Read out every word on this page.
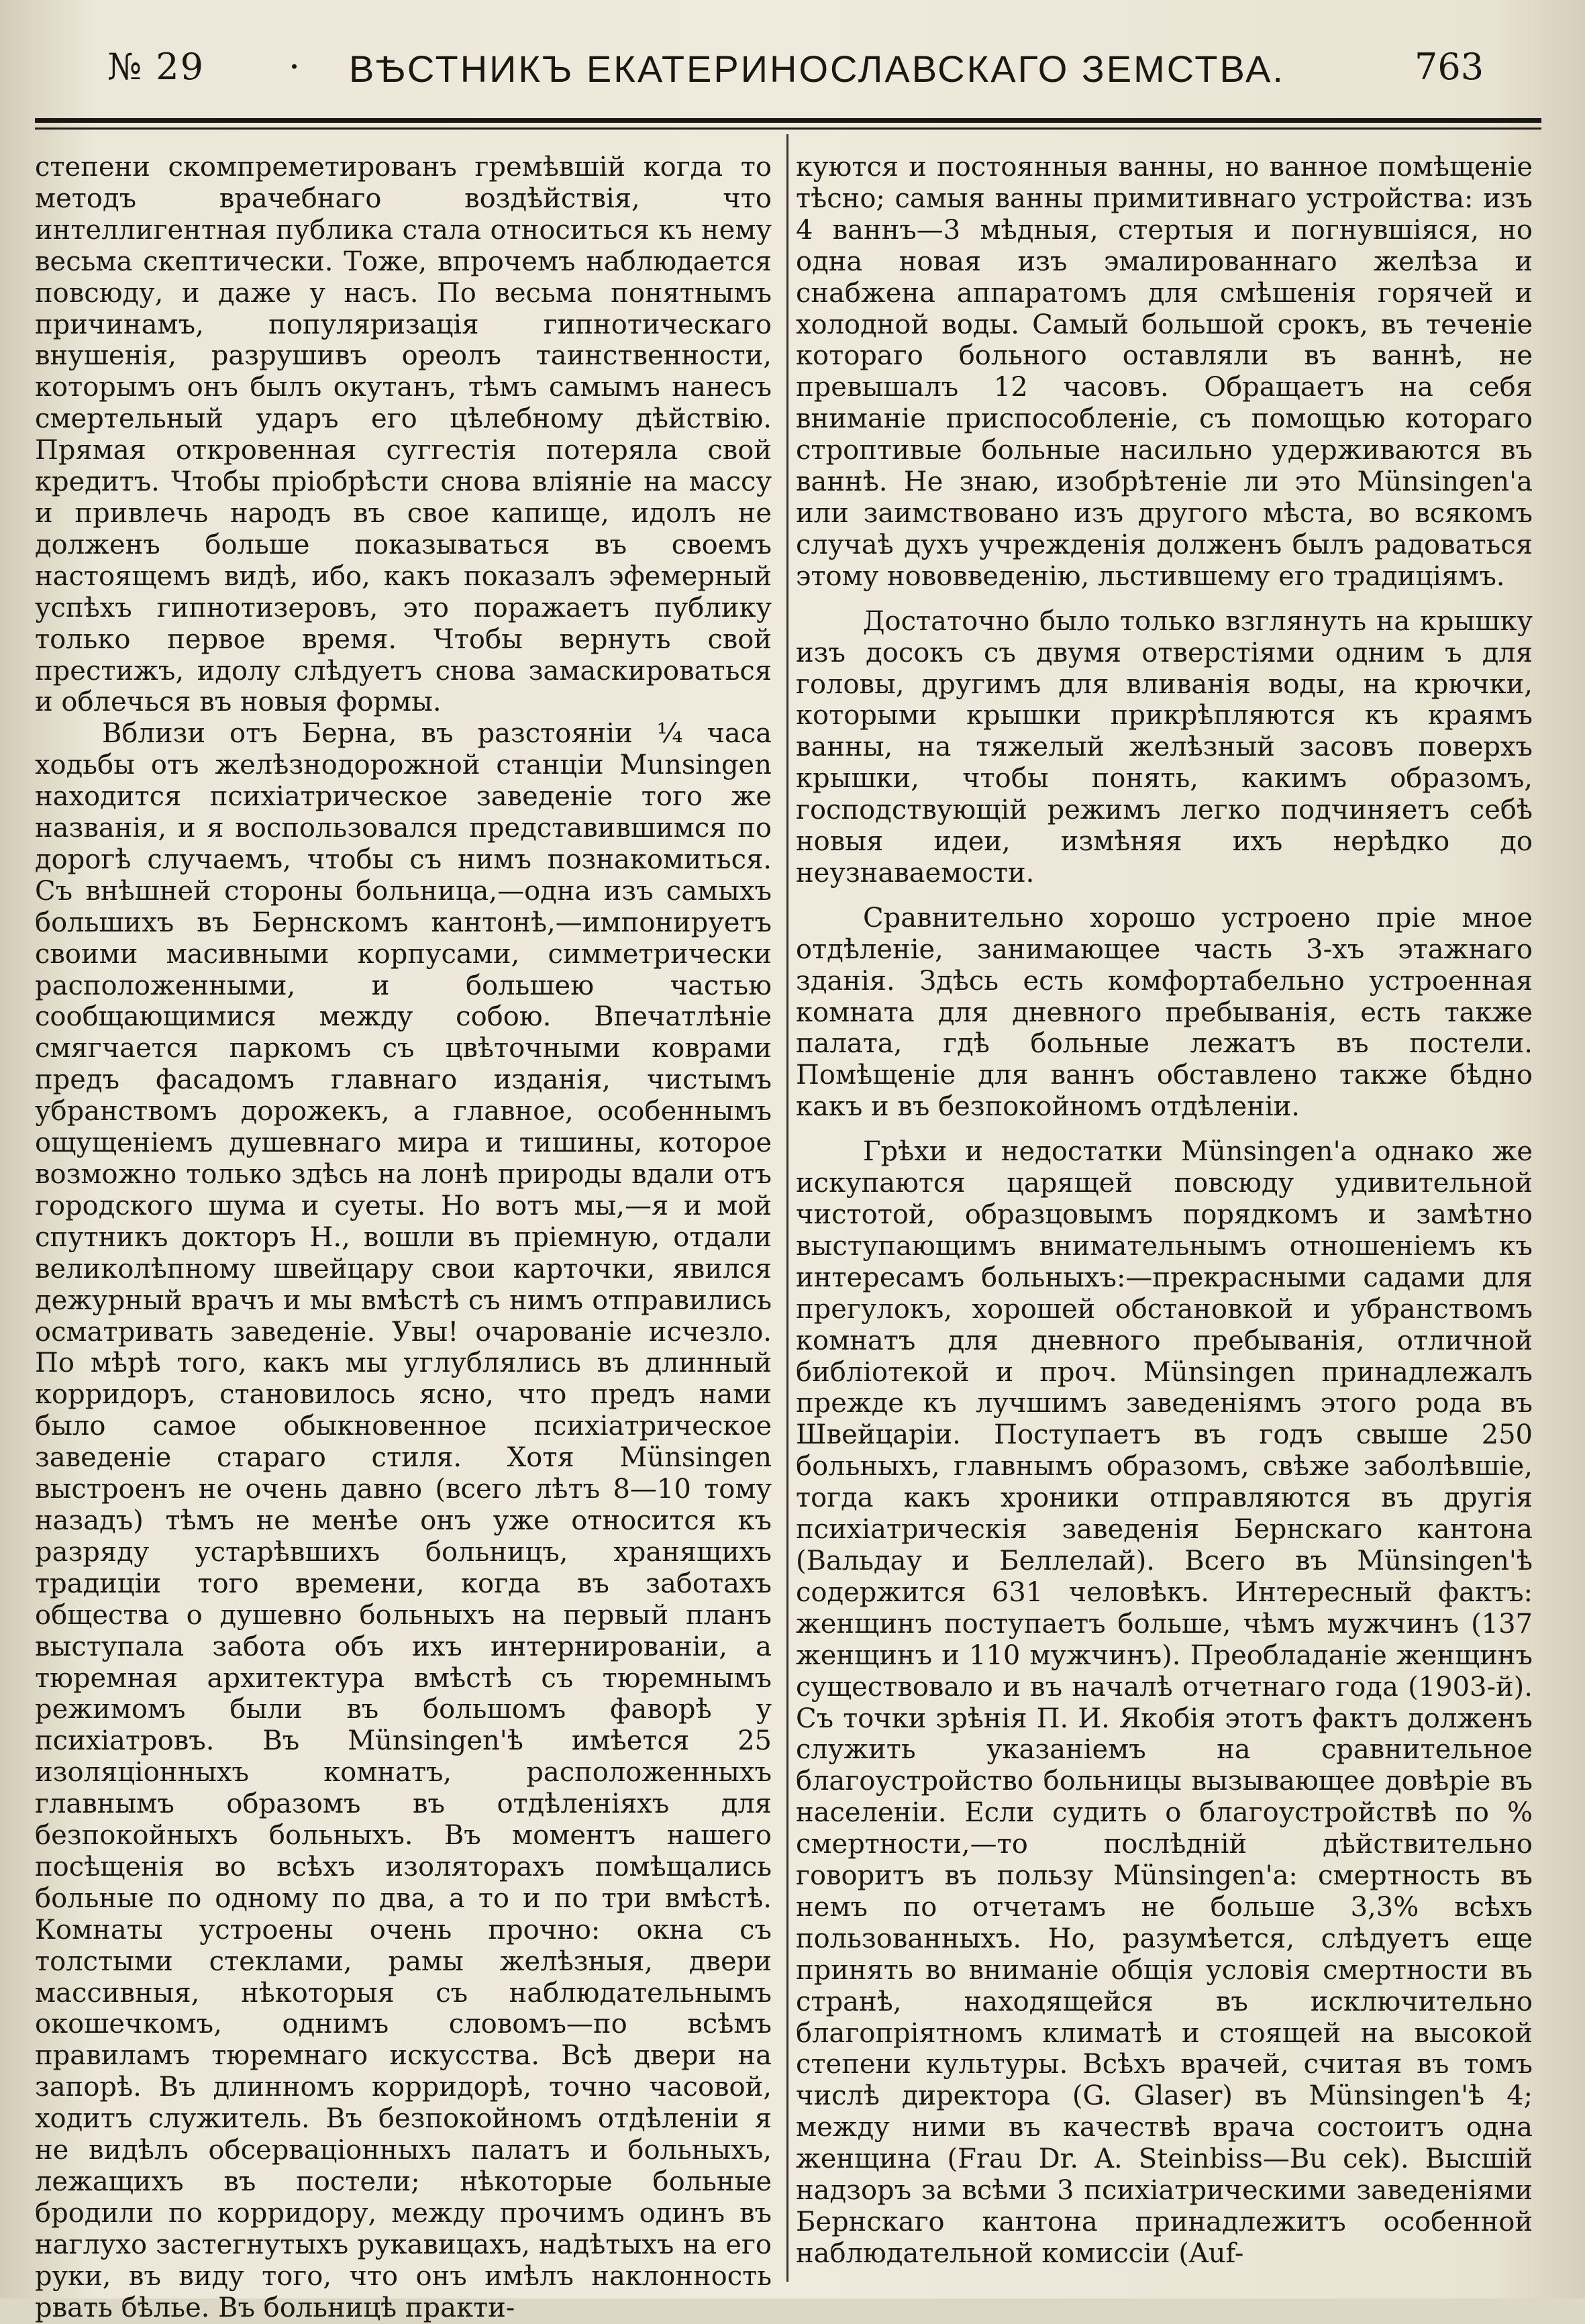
№ 29 · ВѢСТНИКЪ ЕКАТЕРИНОСЛАВСКАГО ЗЕМСТВА.	763

степени скомпреметированъ гремѣвшій когда то методъ врачебнаго воздѣйствія, что интеллигентная публика стала относиться къ нему весьма скептически. Тоже, впрочемъ наблюдается повсюду, и даже у насъ. По весьма понятнымъ причинамъ, популяризація гипнотическаго внушенія, разрушивъ ореолъ таинственности, которымъ онъ былъ окутанъ, тѣмъ самымъ нанесъ смертельный ударъ его цѣлебному дѣйствію. Прямая откровенная суггестія потеряла свой кредитъ. Чтобы пріобрѣсти снова вліяніе на массу и привлечь народъ въ свое капище, идолъ не долженъ больше показываться въ своемъ настоящемъ видѣ, ибо, какъ показалъ эфемерный успѣхъ гипнотизеровъ, это поражаетъ публику только первое время. Чтобы вернуть свой престижъ, идолу слѣдуетъ снова замаскироваться и облечься въ новыя формы.

Вблизи отъ Берна, въ разстояніи ¼ часа ходьбы отъ желѣзнодорожной станціи Munsingen находится психіатрическое заведеніе того же названія, и я воспользовался представившимся по дорогѣ случаемъ, чтобы съ нимъ познакомиться. Съ внѣшней стороны больница,—одна изъ самыхъ большихъ въ Бернскомъ кантонѣ,—импонируетъ своими масивными корпусами, симметрически расположенными, и большею частью сообщающимися между собою. Впечатлѣніе смягчается паркомъ съ цвѣточными коврами предъ фасадомъ главнаго изданія, чистымъ убранствомъ дорожекъ, а главное, особеннымъ ощущеніемъ душевнаго мира и тишины, которое возможно только здѣсь на лонѣ природы вдали отъ городского шума и суеты. Но вотъ мы,—я и мой спутникъ докторъ Н., вошли въ пріемную, отдали великолѣпному швейцару свои карточки, явился дежурный врачъ и мы вмѣстѣ съ нимъ отправились осматривать заведеніе. Увы! очарованіе исчезло. По мѣрѣ того, какъ мы углублялись въ длинный корридоръ, становилось ясно, что предъ нами было самое обыкновенное психіатрическое заведеніе стараго стиля. Хотя Münsingen выстроенъ не очень давно (всего лѣтъ 8—10 тому назадъ) тѣмъ не менѣе онъ уже относится къ разряду устарѣвшихъ больницъ, хранящихъ традиціи того времени, когда въ заботахъ общества о душевно больныхъ на первый планъ выступала забота объ ихъ интернированіи, а тюремная архитектура вмѣстѣ съ тюремнымъ режимомъ были въ большомъ фаворѣ у психіатровъ. Въ Münsingen'ѣ имѣется 25 изоляціонныхъ комнатъ, расположенныхъ главнымъ образомъ въ отдѣленіяхъ для безпокойныхъ больныхъ. Въ моментъ нашего посѣщенія во всѣхъ изоляторахъ помѣщались больные по одному по два, а то и по три вмѣстѣ. Комнаты устроены очень прочно: окна съ толстыми стеклами, рамы желѣзныя, двери массивныя, нѣкоторыя съ наблюдательнымъ окошечкомъ, однимъ словомъ—по всѣмъ правиламъ тюремнаго искусства. Всѣ двери на запорѣ. Въ длинномъ корридорѣ, точно часовой, ходитъ служитель. Въ безпокойномъ отдѣленіи я не видѣлъ обсерваціонныхъ палатъ и больныхъ, лежащихъ въ постели; нѣкоторые больные бродили по корридору, между прочимъ одинъ въ наглухо застегнутыхъ рукавицахъ, надѣтыхъ на его руки, въ виду того, что онъ имѣлъ наклонность рвать бѣлье. Въ больницѣ практи-

куются и постоянныя ванны, но ванное помѣщеніе тѣсно; самыя ванны примитивнаго устройства: изъ 4 ваннъ—3 мѣдныя, стертыя и погнувшіяся, но одна новая изъ эмалированнаго желѣза и снабжена аппаратомъ для смѣшенія горячей и холодной воды. Самый большой срокъ, въ теченіе котораго больного оставляли въ ваннѣ, не превышалъ 12 часовъ. Обращаетъ на себя вниманіе приспособленіе, съ помощью котораго строптивые больные насильно удерживаются въ ваннѣ. Не знаю, изобрѣтеніе ли это Münsingen'a или заимствовано изъ другого мѣста, во всякомъ случаѣ духъ учрежденія долженъ былъ радоваться этому нововведенію, льстившему его традиціямъ.

Достаточно было только взглянуть на крышку изъ досокъ съ двумя отверстіями одним ъ для головы, другимъ для вливанія воды, на крючки, которыми крышки прикрѣпляются къ краямъ ванны, на тяжелый желѣзный засовъ поверхъ крышки, чтобы понять, какимъ образомъ, господствующій режимъ легко подчиняетъ себѣ новыя идеи, измѣняя ихъ нерѣдко до неузнаваемости.

Сравнительно хорошо устроено пріе мное отдѣленіе, занимающее часть 3-хъ этажнаго зданія. Здѣсь есть комфортабельно устроенная комната для дневного пребыванія, есть также палата, гдѣ больные лежатъ въ постели. Помѣщеніе для ваннъ обставлено также бѣдно какъ и въ безпокойномъ отдѣленіи.

Грѣхи и недостатки Münsingen'a однако же искупаются царящей повсюду удивительной чистотой, образцовымъ порядкомъ и замѣтно выступающимъ внимательнымъ отношеніемъ къ интересамъ больныхъ:—прекрасными садами для прегулокъ, хорошей обстановкой и убранствомъ комнатъ для дневного пребыванія, отличной библіотекой и проч. Münsingen принадлежалъ прежде къ лучшимъ заведеніямъ этого рода въ Швейцаріи. Поступаетъ въ годъ свыше 250 больныхъ, главнымъ образомъ, свѣже заболѣвшіе, тогда какъ хроники отправляются въ другія психіатрическія заведенія Бернскаго кантона (Вальдау и Беллелай). Всего въ Münsingen'ѣ содержится 631 человѣкъ. Интересный фактъ: женщинъ поступаетъ больше, чѣмъ мужчинъ (137 женщинъ и 110 мужчинъ). Преобладаніе женщинъ существовало и въ началѣ отчетнаго года (1903-й). Съ точки зрѣнія П. И. Якобія этотъ фактъ долженъ служить указаніемъ на сравнительное благоустройство больницы вызывающее довѣріе въ населеніи. Если судить о благоустройствѣ по % смертности,—то послѣдній дѣйствительно говоритъ въ пользу Münsingen'a: смертность въ немъ по отчетамъ не больше 3,3% всѣхъ пользованныхъ. Но, разумѣется, слѣдуетъ еще принять во вниманіе общія условія смертности въ странѣ, находящейся въ исключительно благопріятномъ климатѣ и стоящей на высокой степени культуры. Всѣхъ врачей, считая въ томъ числѣ директора (G. Glaser) въ Münsingen'ѣ 4; между ними въ качествѣ врача состоитъ одна женщина (Frau Dr. A. Steinbiss—Bu cek). Высшій надзоръ за всѣми 3 психіатрическими заведеніями Бернскаго кантона принадлежитъ особенной наблюдательной комиссіи (Auf-
